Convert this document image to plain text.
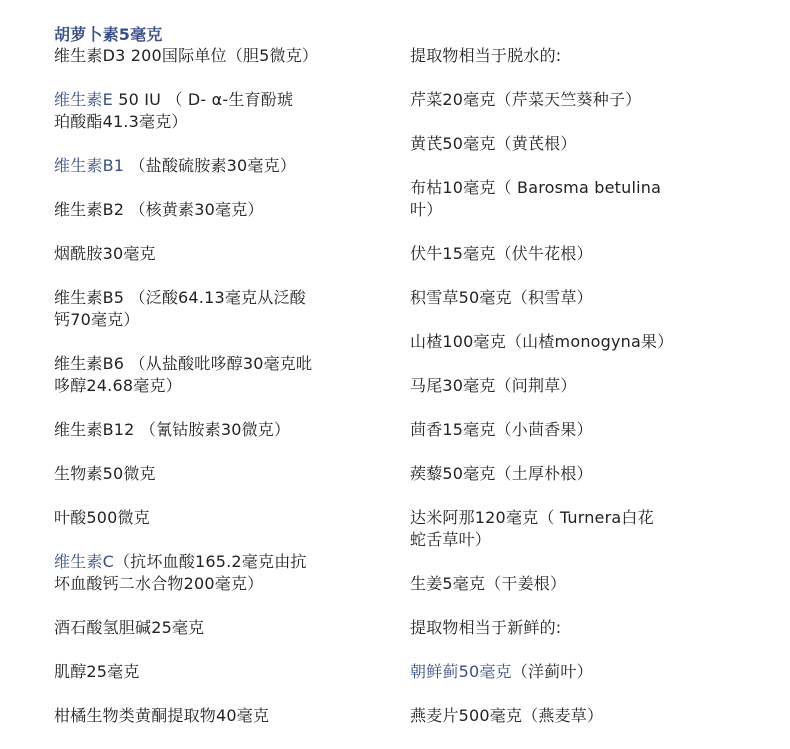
胡萝卜素5毫克
维生素D3 200国际单位（胆5微克）
维生素E 50 IU （ D- α-生育酚琥
珀酸酯41.3毫克）
维生素B1 （盐酸硫胺素30毫克）
维生素B2 （核黄素30毫克）
烟酰胺30毫克
维生素B5 （泛酸64.13毫克从泛酸
钙70毫克）
维生素B6 （从盐酸吡哆醇30毫克吡
哆醇24.68毫克）
维生素B12 （氰钴胺素30微克）
生物素50微克
叶酸500微克
维生素C（抗坏血酸165.2毫克由抗
坏血酸钙二水合物200毫克）
酒石酸氢胆碱25毫克
肌醇25毫克
柑橘生物类黄酮提取物40毫克
提取物相当于脱水的:
芹菜20毫克（芹菜天竺葵种子）
黄芪50毫克（黄芪根）
布枯10毫克（ Barosma betulina
叶）
伏牛15毫克（伏牛花根）
积雪草50毫克（积雪草）
山楂100毫克（山楂monogyna果）
马尾30毫克（问荆草）
茴香15毫克（小茴香果）
蒺藜50毫克（土厚朴根）
达米阿那120毫克（ Turnera白花
蛇舌草叶）
生姜5毫克（干姜根）
提取物相当于新鲜的:
朝鲜蓟50毫克（洋蓟叶）
燕麦片500毫克（燕麦草）
